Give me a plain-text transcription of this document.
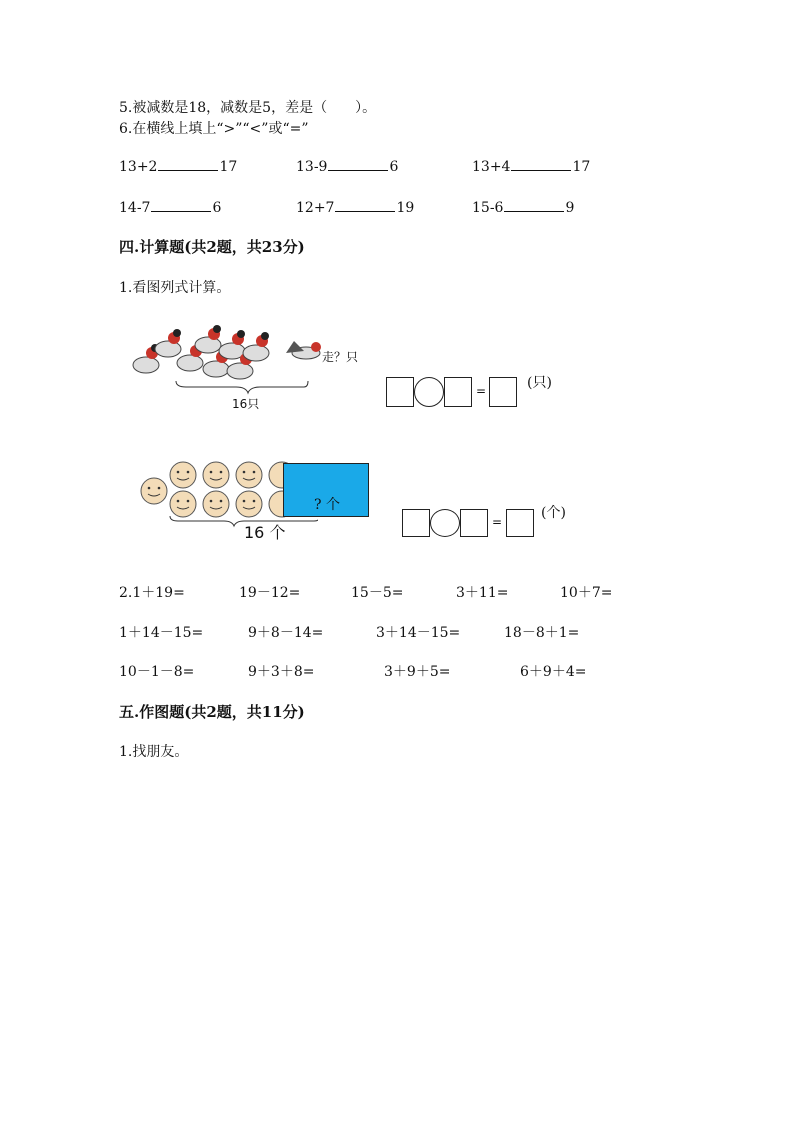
5.被减数是18，减数是5，差是（　　）。
6.在横线上填上“>”“<”或“=”
13+2	17	13-9	6	13+4	17
14-7	6	12+7	19	15-6	9
四.计算题(共2题，共23分)
1.看图列式计算。
16只
走？只
=	(只)
? 个
16 个
=
(个)
2.1＋19=	19－12=	15－5=	3＋11=	10＋7=
1＋14－15=	9＋8－14=	3＋14－15=	18－8＋1=
10－1－8=	9＋3＋8=	3＋9＋5=	6＋9＋4=
五.作图题(共2题，共11分)
1.找朋友。
